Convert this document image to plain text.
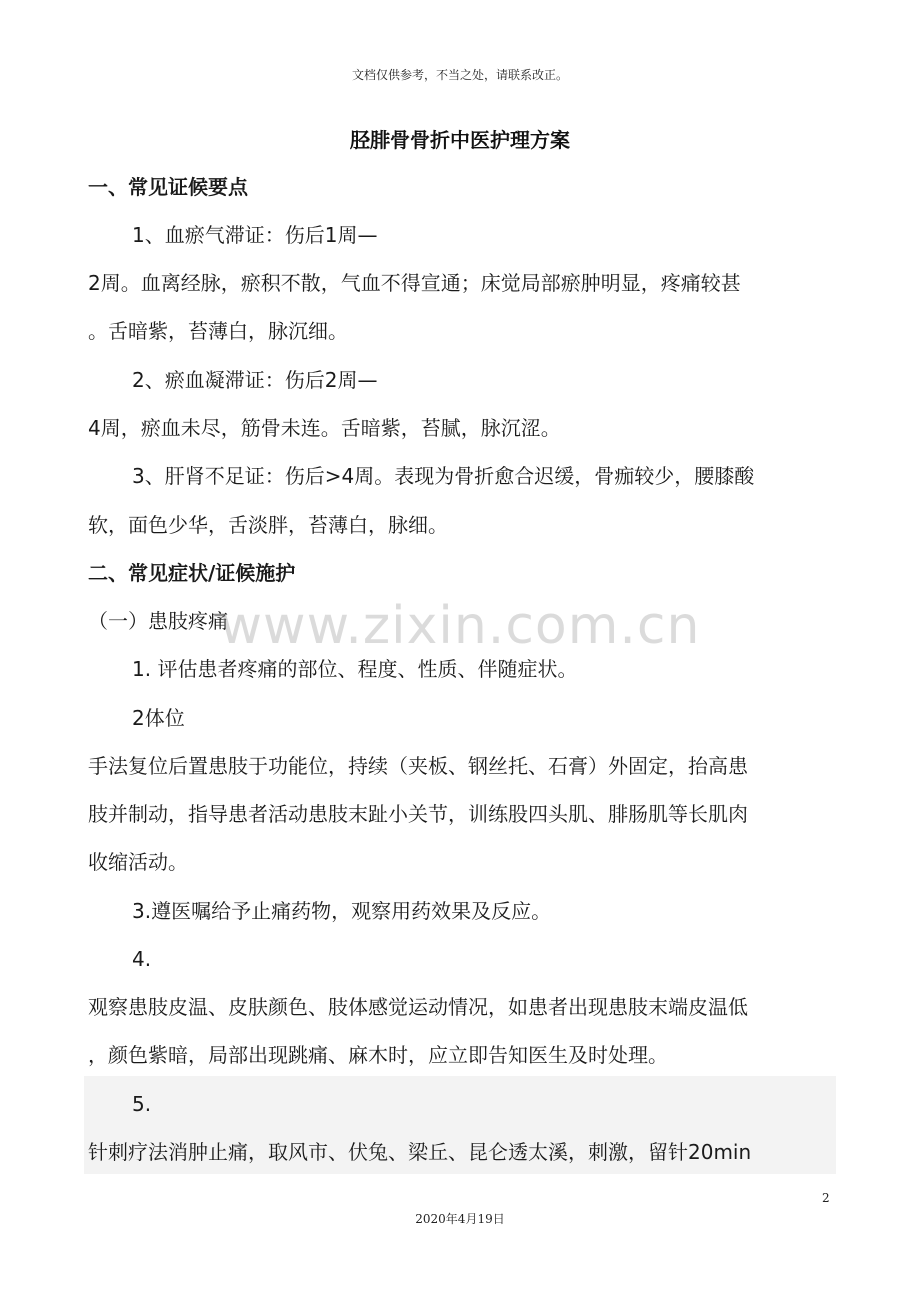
文档仅供参考，不当之处，请联系改正。
胫腓骨骨折中医护理方案
一、常见证候要点
1、血瘀气滞证：伤后1周—
2周。血离经脉，瘀积不散，气血不得宣通；床觉局部瘀肿明显，疼痛较甚
。舌暗紫，苔薄白，脉沉细。
2、瘀血凝滞证：伤后2周—
4周，瘀血未尽，筋骨未连。舌暗紫，苔腻，脉沉涩。
3、肝肾不足证：伤后>4周。表现为骨折愈合迟缓，骨痂较少，腰膝酸
软，面色少华，舌淡胖，苔薄白，脉细。
二、常见症状/证候施护
（一）患肢疼痛
1. 评估患者疼痛的部位、程度、性质、伴随症状。
2体位
手法复位后置患肢于功能位，持续（夹板、钢丝托、石膏）外固定，抬高患
肢并制动，指导患者活动患肢末趾小关节，训练股四头肌、腓肠肌等长肌肉
收缩活动。
3.遵医嘱给予止痛药物，观察用药效果及反应。
4.
观察患肢皮温、皮肤颜色、肢体感觉运动情况，如患者出现患肢末端皮温低
，颜色紫暗，局部出现跳痛、麻木时，应立即告知医生及时处理。
5.
针刺疗法消肿止痛，取风市、伏兔、梁丘、昆仑透太溪，刺激，留针20min
www.zixin.com.cn
2
2020年4月19日
